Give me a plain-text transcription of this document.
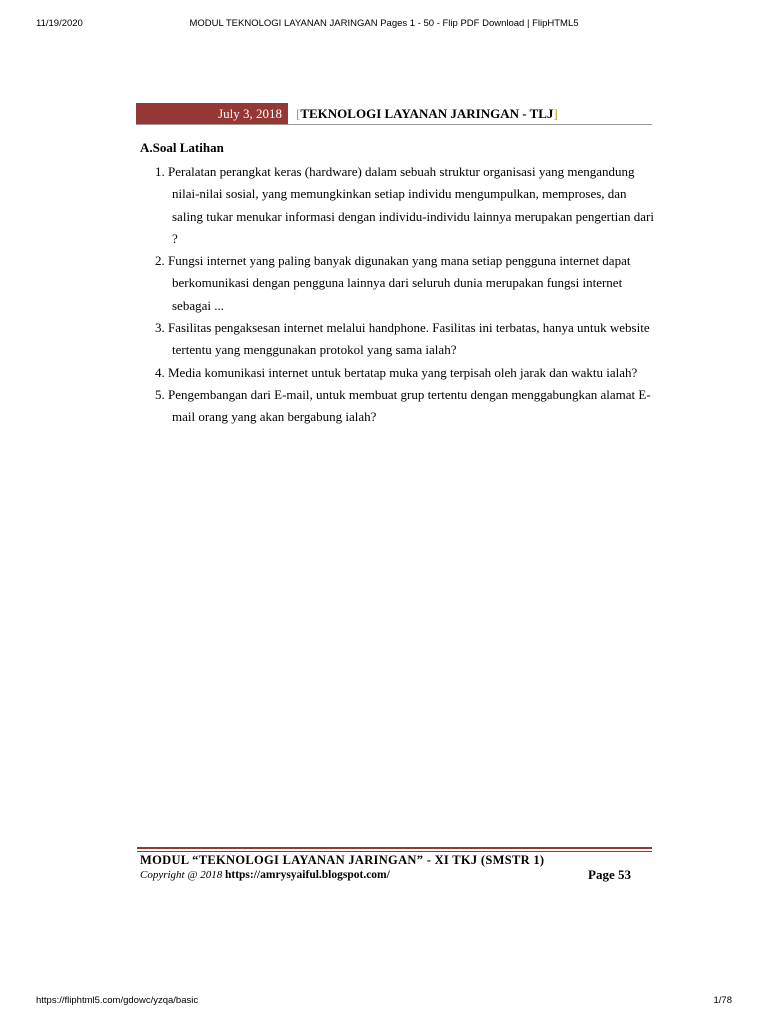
11/19/2020	MODUL TEKNOLOGI LAYANAN JARINGAN Pages 1 - 50 - Flip PDF Download | FlipHTML5
July 3, 2018	[TEKNOLOGI LAYANAN JARINGAN - TLJ]
A.Soal Latihan
1. Peralatan perangkat keras (hardware) dalam sebuah struktur organisasi yang mengandung nilai-nilai sosial, yang memungkinkan setiap individu mengumpulkan, memproses, dan saling tukar menukar informasi dengan individu-individu lainnya merupakan pengertian dari ?
2. Fungsi internet yang paling banyak digunakan yang mana setiap pengguna internet dapat berkomunikasi dengan pengguna lainnya dari seluruh dunia merupakan fungsi internet sebagai ...
3. Fasilitas pengaksesan internet melalui handphone. Fasilitas ini terbatas, hanya untuk website tertentu yang menggunakan protokol yang sama ialah?
4. Media komunikasi internet untuk bertatap muka yang terpisah oleh jarak dan waktu ialah?
5. Pengembangan dari E-mail, untuk membuat grup tertentu dengan menggabungkan alamat E-mail orang yang akan bergabung ialah?
MODUL “TEKNOLOGI LAYANAN JARINGAN” - XI TKJ (SMSTR 1)
Copyright @ 2018 https://amrysyaiful.blogspot.com/	Page 53
https://fliphtml5.com/gdowc/yzqa/basic	1/78
